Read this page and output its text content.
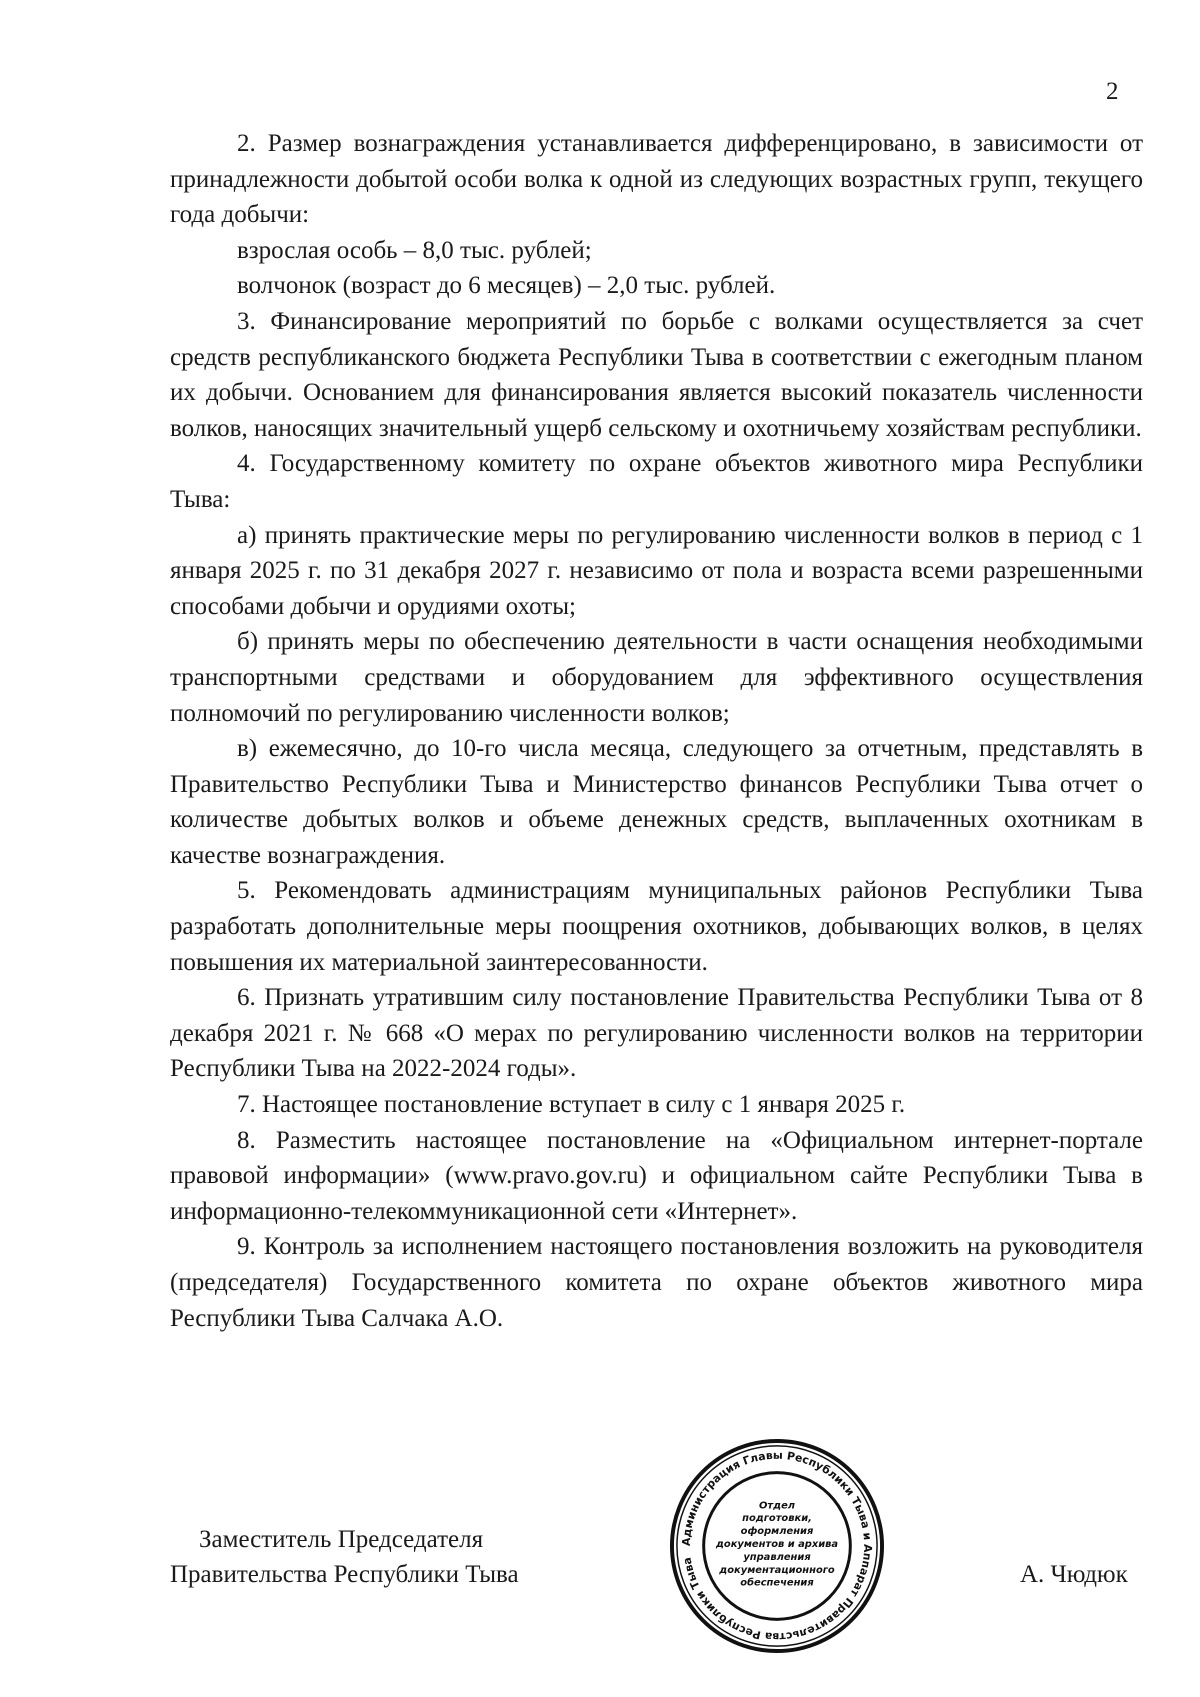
2

2. Размер вознаграждения устанавливается дифференцировано, в зависимости от принадлежности добытой особи волка к одной из следующих возрастных групп, текущего года добычи:

взрослая особь – 8,0 тыс. рублей;

волчонок (возраст до 6 месяцев) – 2,0 тыс. рублей.

3. Финансирование мероприятий по борьбе с волками осуществляется за счет средств республиканского бюджета Республики Тыва в соответствии с ежегодным планом их добычи. Основанием для финансирования является высокий показатель численности волков, наносящих значительный ущерб сельскому и охотничьему хозяйствам республики.

4. Государственному комитету по охране объектов животного мира Республики Тыва:

а) принять практические меры по регулированию численности волков в период с 1 января 2025 г. по 31 декабря 2027 г. независимо от пола и возраста всеми разрешенными способами добычи и орудиями охоты;

б) принять меры по обеспечению деятельности в части оснащения необходимыми транспортными средствами и оборудованием для эффективного осуществления полномочий по регулированию численности волков;

в) ежемесячно, до 10-го числа месяца, следующего за отчетным, представлять в Правительство Республики Тыва и Министерство финансов Республики Тыва отчет о количестве добытых волков и объеме денежных средств, выплаченных охотникам в качестве вознаграждения.

5. Рекомендовать администрациям муниципальных районов Республики Тыва разработать дополнительные меры поощрения охотников, добывающих волков, в целях повышения их материальной заинтересованности.

6. Признать утратившим силу постановление Правительства Республики Тыва от 8 декабря 2021 г. № 668 «О мерах по регулированию численности волков на территории Республики Тыва на 2022-2024 годы».

7. Настоящее постановление вступает в силу с 1 января 2025 г.

8. Разместить настоящее постановление на «Официальном интернет-портале правовой информации» (www.pravo.gov.ru) и официальном сайте Республики Тыва в информационно-телекоммуникационной сети «Интернет».

9. Контроль за исполнением настоящего постановления возложить на руководителя (председателя) Государственного комитета по охране объектов животного мира Республики Тыва Салчака А.О.

Заместитель Председателя
Правительства Республики Тыва
Администрация Главы Республики Тыва и Аппарат Правительства Республики Тыва
Отдел
подготовки,
оформления
документов и архива
управления
документационного
обеспечения	А. Чюдюк
